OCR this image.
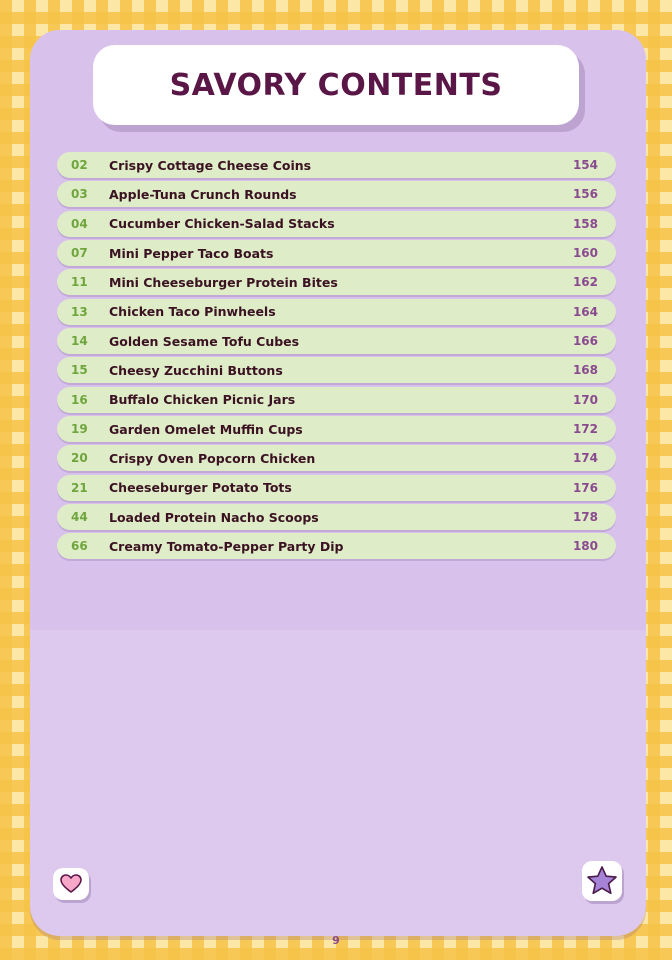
SAVORY CONTENTS
02	Crispy Cottage Cheese Coins	154
03	Apple-Tuna Crunch Rounds	156
04	Cucumber Chicken-Salad Stacks	158
07	Mini Pepper Taco Boats	160
11	Mini Cheeseburger Protein Bites	162
13	Chicken Taco Pinwheels	164
14	Golden Sesame Tofu Cubes	166
15	Cheesy Zucchini Buttons	168
16	Buffalo Chicken Picnic Jars	170
19	Garden Omelet Muffin Cups	172
20	Crispy Oven Popcorn Chicken	174
21	Cheeseburger Potato Tots	176
44	Loaded Protein Nacho Scoops	178
66	Creamy Tomato-Pepper Party Dip	180
9
